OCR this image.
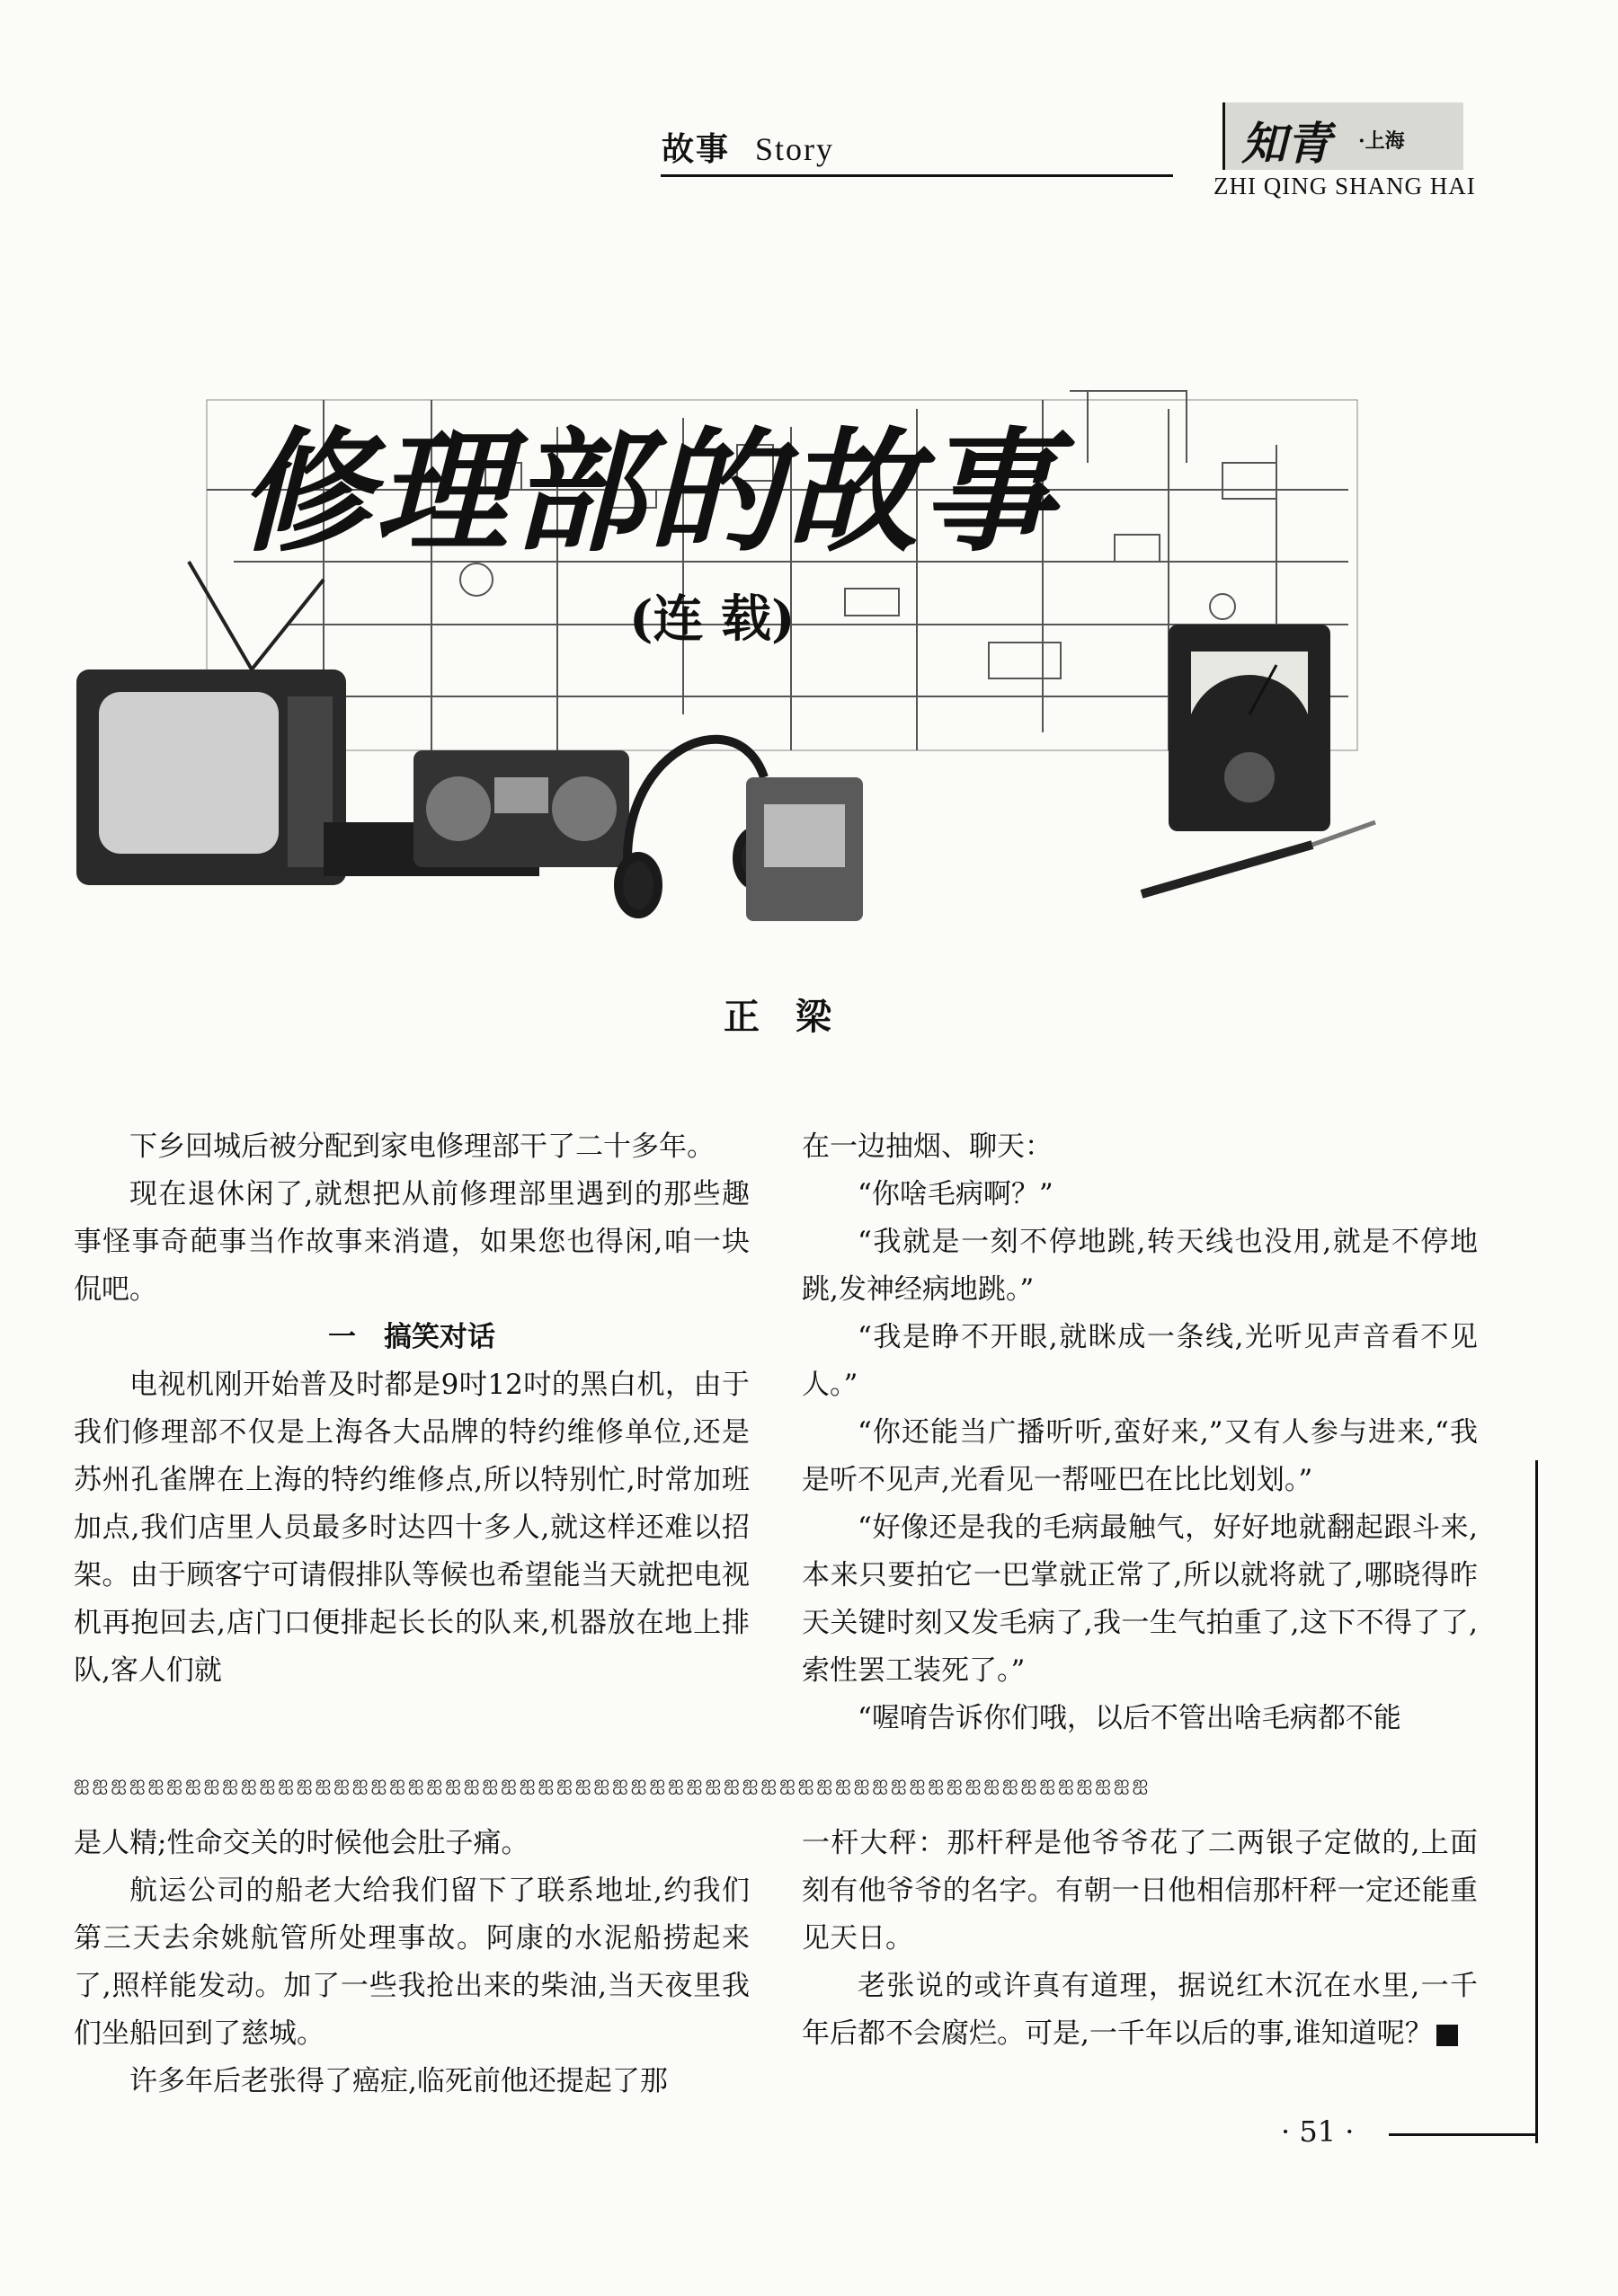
故事 Story	知青 ·上海
ZHI QING SHANG HAI
修理部的故事
(连 载)
正梁

下乡回城后被分配到家电修理部干了二十多年。

现在退休闲了,就想把从前修理部里遇到的那些趣事怪事奇葩事当作故事来消遣，如果您也得闲,咱一块侃吧。

一　搞笑对话

电视机刚开始普及时都是9吋12吋的黑白机，由于我们修理部不仅是上海各大品牌的特约维修单位,还是苏州孔雀牌在上海的特约维修点,所以特别忙,时常加班加点,我们店里人员最多时达四十多人,就这样还难以招架。由于顾客宁可请假排队等候也希望能当天就把电视机再抱回去,店门口便排起长长的队来,机器放在地上排队,客人们就

在一边抽烟、聊天：

“你啥毛病啊？”

“我就是一刻不停地跳,转天线也没用,就是不停地跳,发神经病地跳。”

“我是睁不开眼,就眯成一条线,光听见声音看不见人。”

“你还能当广播听听,蛮好来,”又有人参与进来,“我是听不见声,光看见一帮哑巴在比比划划。”

“好像还是我的毛病最触气，好好地就翻起跟斗来,本来只要拍它一巴掌就正常了,所以就将就了,哪晓得昨天关键时刻又发毛病了,我一生气拍重了,这下不得了了,索性罢工装死了。”

“喔唷告诉你们哦，以后不管出啥毛病都不能

ஐஐஐஐஐஐஐஐஐஐஐஐஐஐஐஐஐஐஐஐஐஐஐஐஐஐஐஐஐஐஐஐஐஐஐஐஐஐஐஐஐஐஐஐஐஐஐஐஐஐஐஐஐஐஐஐஐஐ

是人精;性命交关的时候他会肚子痛。

航运公司的船老大给我们留下了联系地址,约我们第三天去余姚航管所处理事故。阿康的水泥船捞起来了,照样能发动。加了一些我抢出来的柴油,当天夜里我们坐船回到了慈城。

许多年后老张得了癌症,临死前他还提起了那

一杆大秤：那杆秤是他爷爷花了二两银子定做的,上面刻有他爷爷的名字。有朝一日他相信那杆秤一定还能重见天日。

老张说的或许真有道理，据说红木沉在水里,一千年后都不会腐烂。可是,一千年以后的事,谁知道呢？

· 51 ·
